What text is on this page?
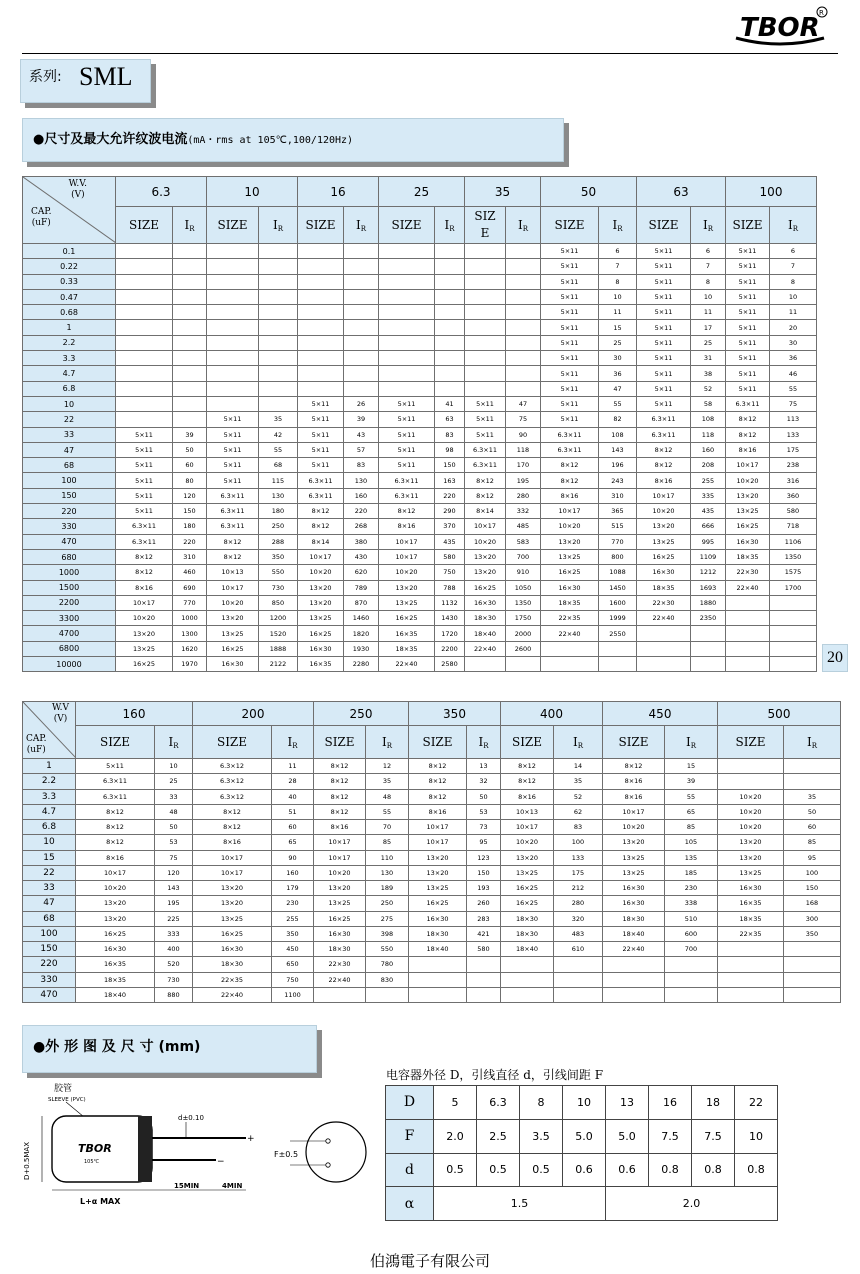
TBOR R
系列: SML
●尺寸及最大允许纹波电流(mA・rms at 105℃,100/120Hz)
W.V.
(V)
CAP.
(uF)	6.3		10		16		25		35		50		63		100	
	SIZE	IR	SIZE	IR	SIZE	IR	SIZE	IR	SIZE	IR	SIZE	IR	SIZE	IR	SIZE	IR
0.1											5×11	6	5×11	6	5×11	6
0.22											5×11	7	5×11	7	5×11	7
0.33											5×11	8	5×11	8	5×11	8
0.47											5×11	10	5×11	10	5×11	10
0.68											5×11	11	5×11	11	5×11	11
1											5×11	15	5×11	17	5×11	20
2.2											5×11	25	5×11	25	5×11	30
3.3											5×11	30	5×11	31	5×11	36
4.7											5×11	36	5×11	38	5×11	46
6.8											5×11	47	5×11	52	5×11	55
10					5×11	26	5×11	41	5×11	47	5×11	55	5×11	58	6.3×11	75
22			5×11	35	5×11	39	5×11	63	5×11	75	5×11	82	6.3×11	108	8×12	113
33	5×11	39	5×11	42	5×11	43	5×11	83	5×11	90	6.3×11	108	6.3×11	118	8×12	133
47	5×11	50	5×11	55	5×11	57	5×11	98	6.3×11	118	6.3×11	143	8×12	160	8×16	175
68	5×11	60	5×11	68	5×11	83	5×11	150	6.3×11	170	8×12	196	8×12	208	10×17	238
100	5×11	80	5×11	115	6.3×11	130	6.3×11	163	8×12	195	8×12	243	8×16	255	10×20	316
150	5×11	120	6.3×11	130	6.3×11	160	6.3×11	220	8×12	280	8×16	310	10×17	335	13×20	360
220	5×11	150	6.3×11	180	8×12	220	8×12	290	8×14	332	10×17	365	10×20	435	13×25	580
330	6.3×11	180	6.3×11	250	8×12	268	8×16	370	10×17	485	10×20	515	13×20	666	16×25	718
470	6.3×11	220	8×12	288	8×14	380	10×17	435	10×20	583	13×20	770	13×25	995	16×30	1106
680	8×12	310	8×12	350	10×17	430	10×17	580	13×20	700	13×25	800	16×25	1109	18×35	1350
1000	8×12	460	10×13	550	10×20	620	10×20	750	13×20	910	16×25	1088	16×30	1212	22×30	1575
1500	8×16	690	10×17	730	13×20	789	13×20	788	16×25	1050	16×30	1450	18×35	1693	22×40	1700
2200	10×17	770	10×20	850	13×20	870	13×25	1132	16×30	1350	18×35	1600	22×30	1880		
3300	10×20	1000	13×20	1200	13×25	1460	16×25	1430	18×30	1750	22×35	1999	22×40	2350		
4700	13×20	1300	13×25	1520	16×25	1820	16×35	1720	18×40	2000	22×40	2550				
6800	13×25	1620	16×25	1888	16×30	1930	18×35	2200	22×40	2600						
10000	16×25	1970	16×30	2122	16×35	2280	22×40	2580									20
W.V
(V)
CAP.
(uF)	160		200		250		350		400		450		500	
	SIZE	IR	SIZE	IR	SIZE	IR	SIZE	IR	SIZE	IR	SIZE	IR	SIZE	IR
1	5×11	10	6.3×12	11	8×12	12	8×12	13	8×12	14	8×12	15		
2.2	6.3×11	25	6.3×12	28	8×12	35	8×12	32	8×12	35	8×16	39		
3.3	6.3×11	33	6.3×12	40	8×12	48	8×12	50	8×16	52	8×16	55	10×20	35
4.7	8×12	48	8×12	51	8×12	55	8×16	53	10×13	62	10×17	65	10×20	50
6.8	8×12	50	8×12	60	8×16	70	10×17	73	10×17	83	10×20	85	10×20	60
10	8×12	53	8×16	65	10×17	85	10×17	95	10×20	100	13×20	105	13×20	85
15	8×16	75	10×17	90	10×17	110	13×20	123	13×20	133	13×25	135	13×20	95
22	10×17	120	10×17	160	10×20	130	13×20	150	13×25	175	13×25	185	13×25	100
33	10×20	143	13×20	179	13×20	189	13×25	193	16×25	212	16×30	230	16×30	150
47	13×20	195	13×20	230	13×25	250	16×25	260	16×25	280	16×30	338	16×35	168
68	13×20	225	13×25	255	16×25	275	16×30	283	18×30	320	18×30	510	18×35	300
100	16×25	333	16×25	350	16×30	398	18×30	421	18×30	483	18×40	600	22×35	350
150	16×30	400	16×30	450	18×30	550	18×40	580	18×40	610	22×40	700		
220	16×35	520	18×30	650	22×30	780								
330	18×35	730	22×35	750	22×40	830								
470	18×40	880	22×40	1100										
●外 形 图 及 尺 寸 (mm)
胶管
SLEEVE (PVC)
TBOR
105℃
+
−
d±0.10
D+0.5MAX
L+α MAX
15MIN	4MIN
F±0.5
电容器外径 D，引线直径 d，引线间距 F
D	5	6.3	8	10	13	16	18	22
F	2.0	2.5	3.5	5.0	5.0	7.5	7.5	10
d	0.5	0.5	0.5	0.6	0.6	0.8	0.8	0.8
α	1.5				2.0			
伯鴻電子有限公司
